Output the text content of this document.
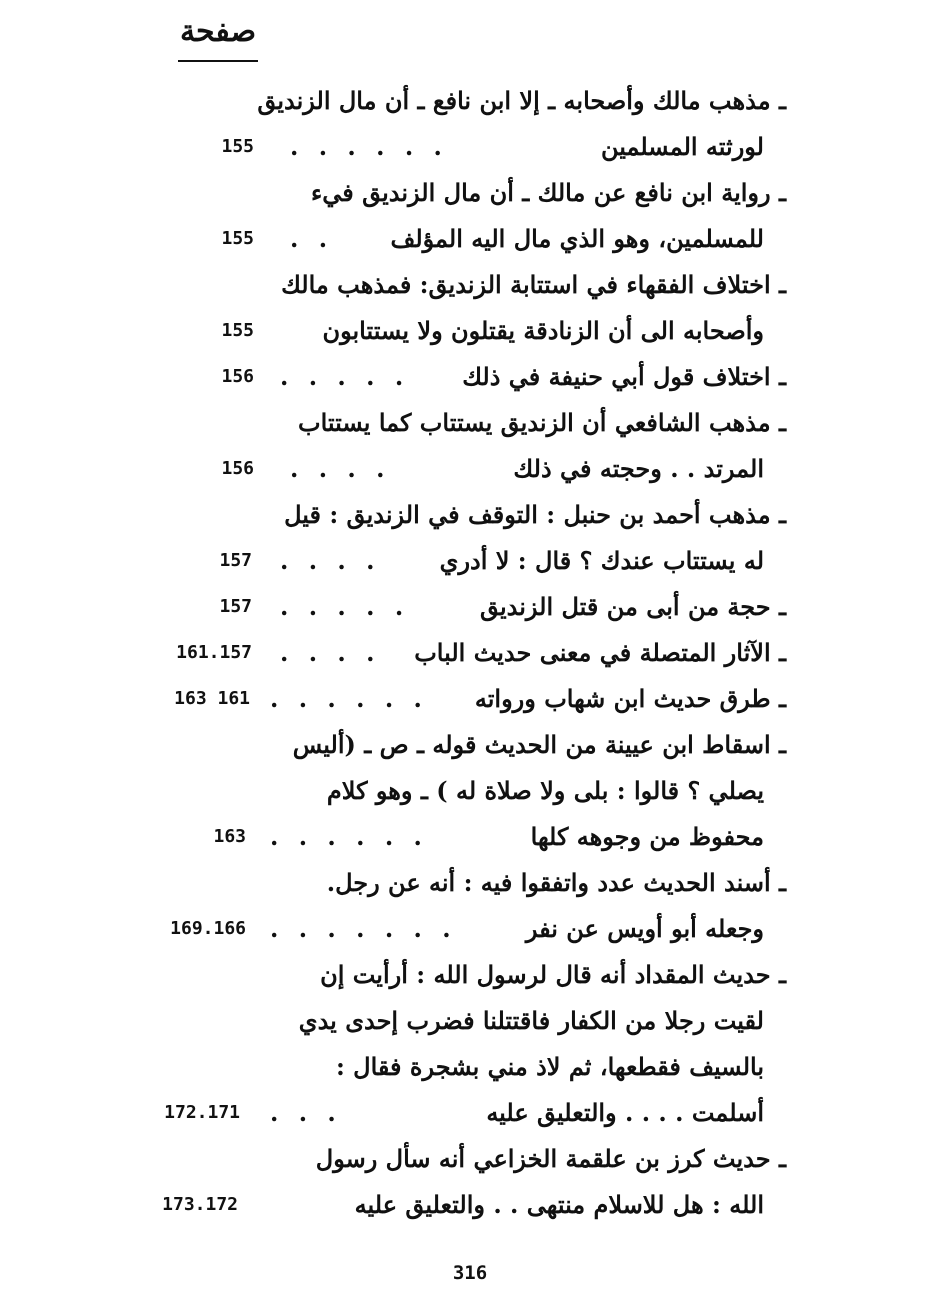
صفحة
ـ مذهب مالك وأصحابه ـ إلا ابن نافع ـ أن مال الزنديق
لورثته المسلمين
. . . . . .
155
ـ رواية ابن نافع عن مالك ـ أن مال الزنديق فيء
للمسلمين، وهو الذي مال اليه المؤلف
. .
155
ـ اختلاف الفقهاء في استتابة الزنديق: فمذهب مالك
وأصحابه الى أن الزنادقة يقتلون ولا يستتابون
155
ـ اختلاف قول أبي حنيفة في ذلك
. . . . .
156
ـ مذهب الشافعي أن الزنديق يستتاب كما يستتاب
المرتد . . وحجته في ذلك
. . . .
156
ـ مذهب أحمد بن حنبل : التوقف في الزنديق : قيل
له يستتاب عندك ؟ قال : لا أدري
. . . .
157
ـ حجة من أبى من قتل الزنديق
. . . . .
157
ـ الآثار المتصلة في معنى حديث الباب
. . . .
161.157
ـ طرق حديث ابن شهاب ورواته
. . . . . .
163 161
ـ اسقاط ابن عيينة من الحديث قوله ـ ص ـ (أليس
يصلي ؟ قالوا : بلى ولا صلاة له ) ـ وهو كلام
محفوظ من وجوهه كلها
. . . . . .
163
ـ أسند الحديث عدد واتفقوا فيه : أنه عن رجل.
وجعله أبو أويس عن نفر
. . . . . . .
169.166
ـ حديث المقداد أنه قال لرسول الله : أرأيت إن
لقيت رجلا من الكفار فاقتتلنا فضرب إحدى يدي
بالسيف فقطعها، ثم لاذ مني بشجرة فقال :
أسلمت . . . . والتعليق عليه
. . .
172.171
ـ حديث كرز بن علقمة الخزاعي أنه سأل رسول
الله : هل للاسلام منتهى . . والتعليق عليه
173.172
316
